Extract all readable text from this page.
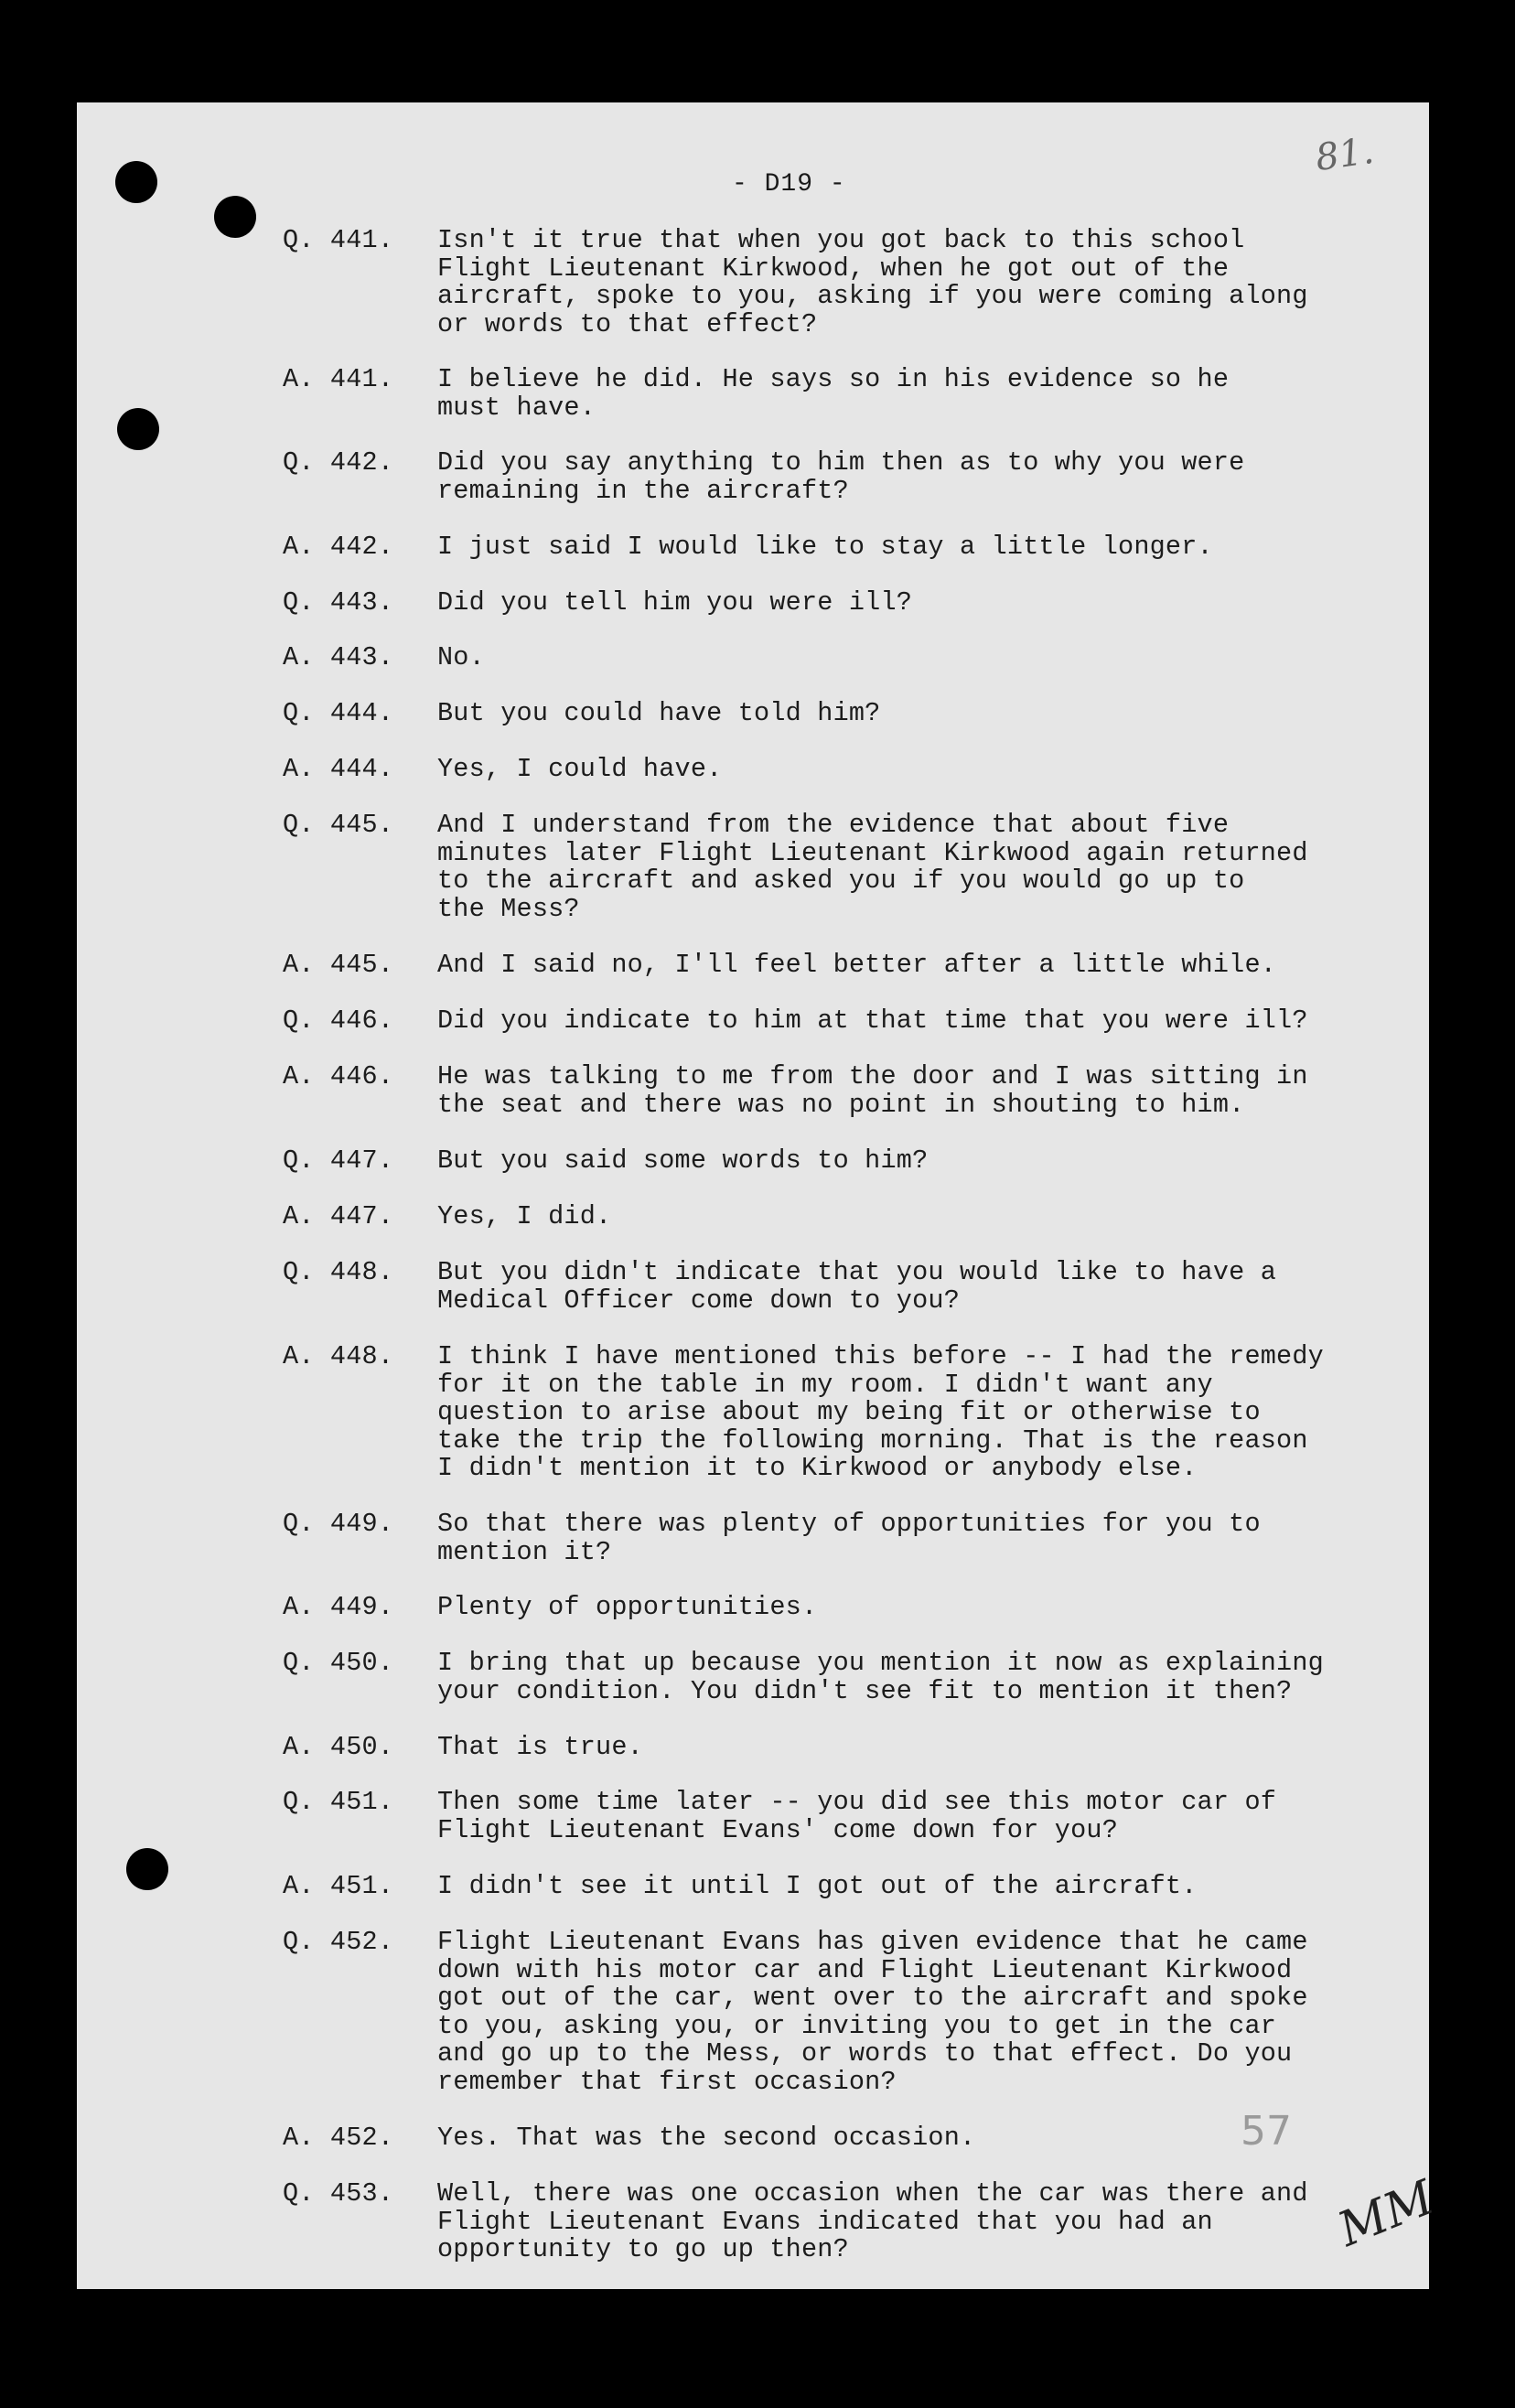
- D19 -
81.
57
MM
Q. 441. Isn't it true that when you got back to this school
Flight Lieutenant Kirkwood, when he got out of the
aircraft, spoke to you, asking if you were coming along
or words to that effect?
A. 441. I believe he did. He says so in his evidence so he
must have.
Q. 442. Did you say anything to him then as to why you were
remaining in the aircraft?
A. 442. I just said I would like to stay a little longer.
Q. 443. Did you tell him you were ill?
A. 443. No.
Q. 444. But you could have told him?
A. 444. Yes, I could have.
Q. 445. And I understand from the evidence that about five
minutes later Flight Lieutenant Kirkwood again returned
to the aircraft and asked you if you would go up to
the Mess?
A. 445. And I said no, I'll feel better after a little while.
Q. 446. Did you indicate to him at that time that you were ill?
A. 446. He was talking to me from the door and I was sitting in
the seat and there was no point in shouting to him.
Q. 447. But you said some words to him?
A. 447. Yes, I did.
Q. 448. But you didn't indicate that you would like to have a
Medical Officer come down to you?
A. 448. I think I have mentioned this before -- I had the remedy
for it on the table in my room. I didn't want any
question to arise about my being fit or otherwise to
take the trip the following morning. That is the reason
I didn't mention it to Kirkwood or anybody else.
Q. 449. So that there was plenty of opportunities for you to
mention it?
A. 449. Plenty of opportunities.
Q. 450. I bring that up because you mention it now as explaining
your condition. You didn't see fit to mention it then?
A. 450. That is true.
Q. 451. Then some time later -- you did see this motor car of
Flight Lieutenant Evans' come down for you?
A. 451. I didn't see it until I got out of the aircraft.
Q. 452. Flight Lieutenant Evans has given evidence that he came
down with his motor car and Flight Lieutenant Kirkwood
got out of the car, went over to the aircraft and spoke
to you, asking you, or inviting you to get in the car
and go up to the Mess, or words to that effect. Do you
remember that first occasion?
A. 452. Yes. That was the second occasion.
Q. 453. Well, there was one occasion when the car was there and
Flight Lieutenant Evans indicated that you had an
opportunity to go up then?
